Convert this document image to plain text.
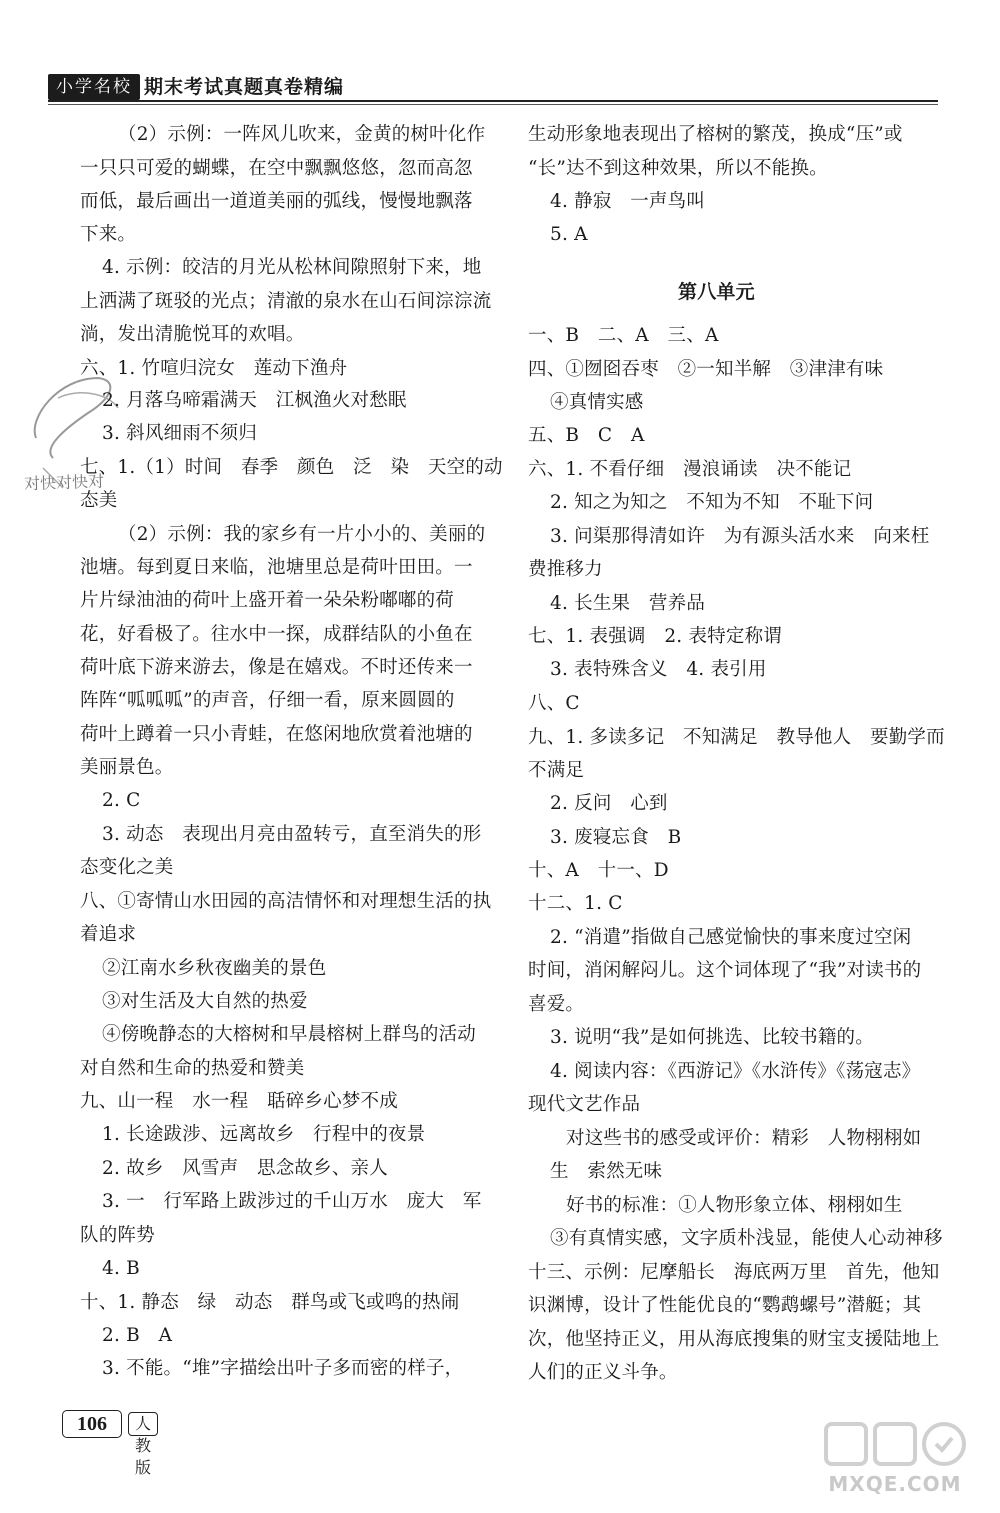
小学名校 期末考试真题真卷精编
对快对快对
（2）示例：一阵风儿吹来，金黄的树叶化作
一只只可爱的蝴蝶，在空中飘飘悠悠，忽而高忽
而低，最后画出一道道美丽的弧线，慢慢地飘落
下来。
4. 示例：皎洁的月光从松林间隙照射下来，地
上洒满了斑驳的光点；清澈的泉水在山石间淙淙流
淌，发出清脆悦耳的欢唱。
六、1. 竹喧归浣女　莲动下渔舟
2. 月落乌啼霜满天　江枫渔火对愁眠
3. 斜风细雨不须归
七、1.（1）时间　春季　颜色　泛　染　天空的动
态美
（2）示例：我的家乡有一片小小的、美丽的
池塘。每到夏日来临，池塘里总是荷叶田田。一
片片绿油油的荷叶上盛开着一朵朵粉嘟嘟的荷
花，好看极了。往水中一探，成群结队的小鱼在
荷叶底下游来游去，像是在嬉戏。不时还传来一
阵阵“呱呱呱”的声音，仔细一看，原来圆圆的
荷叶上蹲着一只小青蛙，在悠闲地欣赏着池塘的
美丽景色。
2. C
3. 动态　表现出月亮由盈转亏，直至消失的形
态变化之美
八、①寄情山水田园的高洁情怀和对理想生活的执
着追求
②江南水乡秋夜幽美的景色
③对生活及大自然的热爱
④傍晚静态的大榕树和早晨榕树上群鸟的活动
对自然和生命的热爱和赞美
九、山一程　水一程　聒碎乡心梦不成
1. 长途跋涉、远离故乡　行程中的夜景
2. 故乡　风雪声　思念故乡、亲人
3. 一　行军路上跋涉过的千山万水　庞大　军
队的阵势
4. B
十、1. 静态　绿　动态　群鸟或飞或鸣的热闹
2. B　A
3. 不能。“堆”字描绘出叶子多而密的样子，
生动形象地表现出了榕树的繁茂，换成“压”或
“长”达不到这种效果，所以不能换。
4. 静寂　一声鸟叫
5. A
第八单元
一、B　二、A　三、A
四、①囫囵吞枣　②一知半解　③津津有味
④真情实感
五、B　C　A
六、1. 不看仔细　漫浪诵读　决不能记
2. 知之为知之　不知为不知　不耻下问
3. 问渠那得清如许　为有源头活水来　向来枉
费推移力
4. 长生果　营养品
七、1. 表强调　2. 表特定称谓
3. 表特殊含义　4. 表引用
八、C
九、1. 多读多记　不知满足　教导他人　要勤学而
不满足
2. 反问　心到
3. 废寝忘食　B
十、A　十一、D
十二、1. C
2. “消遣”指做自己感觉愉快的事来度过空闲
时间，消闲解闷儿。这个词体现了“我”对读书的
喜爱。
3. 说明“我”是如何挑选、比较书籍的。
4. 阅读内容：《西游记》《水浒传》《荡寇志》
现代文艺作品
对这些书的感受或评价：精彩　人物栩栩如
生　索然无味
好书的标准：①人物形象立体、栩栩如生
③有真情实感，文字质朴浅显，能使人心动神移
十三、示例：尼摩船长　海底两万里　首先，他知
识渊博，设计了性能优良的“鹦鹉螺号”潜艇；其
次，他坚持正义，用从海底搜集的财宝支援陆地上
人们的正义斗争。
106	人教版
MXQE.COM
